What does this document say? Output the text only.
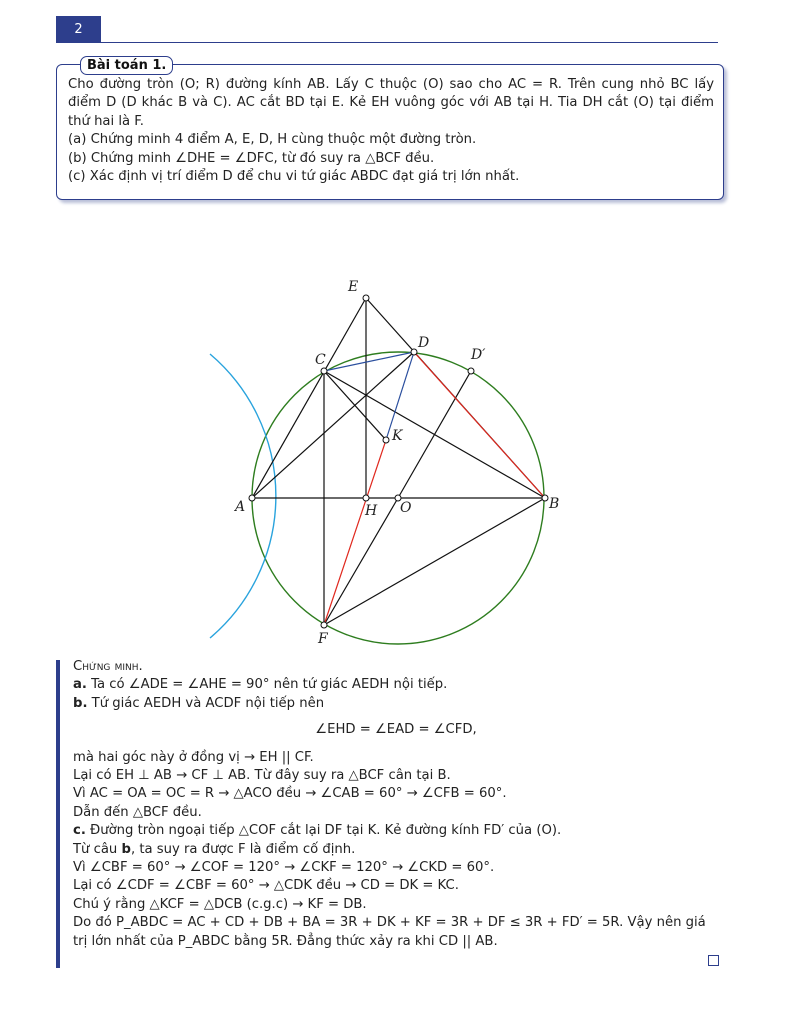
2
Bài toán 1.

Cho đường tròn (O; R) đường kính AB. Lấy C thuộc (O) sao cho AC = R. Trên cung nhỏ BC lấy điểm D (D khác B và C). AC cắt BD tại E. Kẻ EH vuông góc với AB tại H. Tia DH cắt (O) tại điểm thứ hai là F.

(a) Chứng minh 4 điểm A, E, D, H cùng thuộc một đường tròn.

(b) Chứng minh ∠DHE = ∠DFC, từ đó suy ra △BCF đều.

(c) Xác định vị trí điểm D để chu vi tứ giác ABDC đạt giá trị lớn nhất.

E
D
D′
C
K
A	H O	B
F

Chứng minh.

a. Ta có ∠ADE = ∠AHE = 90° nên tứ giác AEDH nội tiếp.

b. Tứ giác AEDH và ACDF nội tiếp nên

∠EHD = ∠EAD = ∠CFD,

mà hai góc này ở đồng vị → EH || CF.

Lại có EH ⊥ AB → CF ⊥ AB. Từ đây suy ra △BCF cân tại B.

Vì AC = OA = OC = R → △ACO đều → ∠CAB = 60° → ∠CFB = 60°.

Dẫn đến △BCF đều.

c. Đường tròn ngoại tiếp △COF cắt lại DF tại K. Kẻ đường kính FD′ của (O).

Từ câu b, ta suy ra được F là điểm cố định.

Vì ∠CBF = 60° → ∠COF = 120° → ∠CKF = 120° → ∠CKD = 60°.

Lại có ∠CDF = ∠CBF = 60° → △CDK đều → CD = DK = KC.

Chú ý rằng △KCF = △DCB (c.g.c) → KF = DB.

Do đó P_ABDC = AC + CD + DB + BA = 3R + DK + KF = 3R + DF ≤ 3R + FD′ = 5R. Vậy nên giá trị lớn nhất của P_ABDC bằng 5R. Đẳng thức xảy ra khi CD || AB.
